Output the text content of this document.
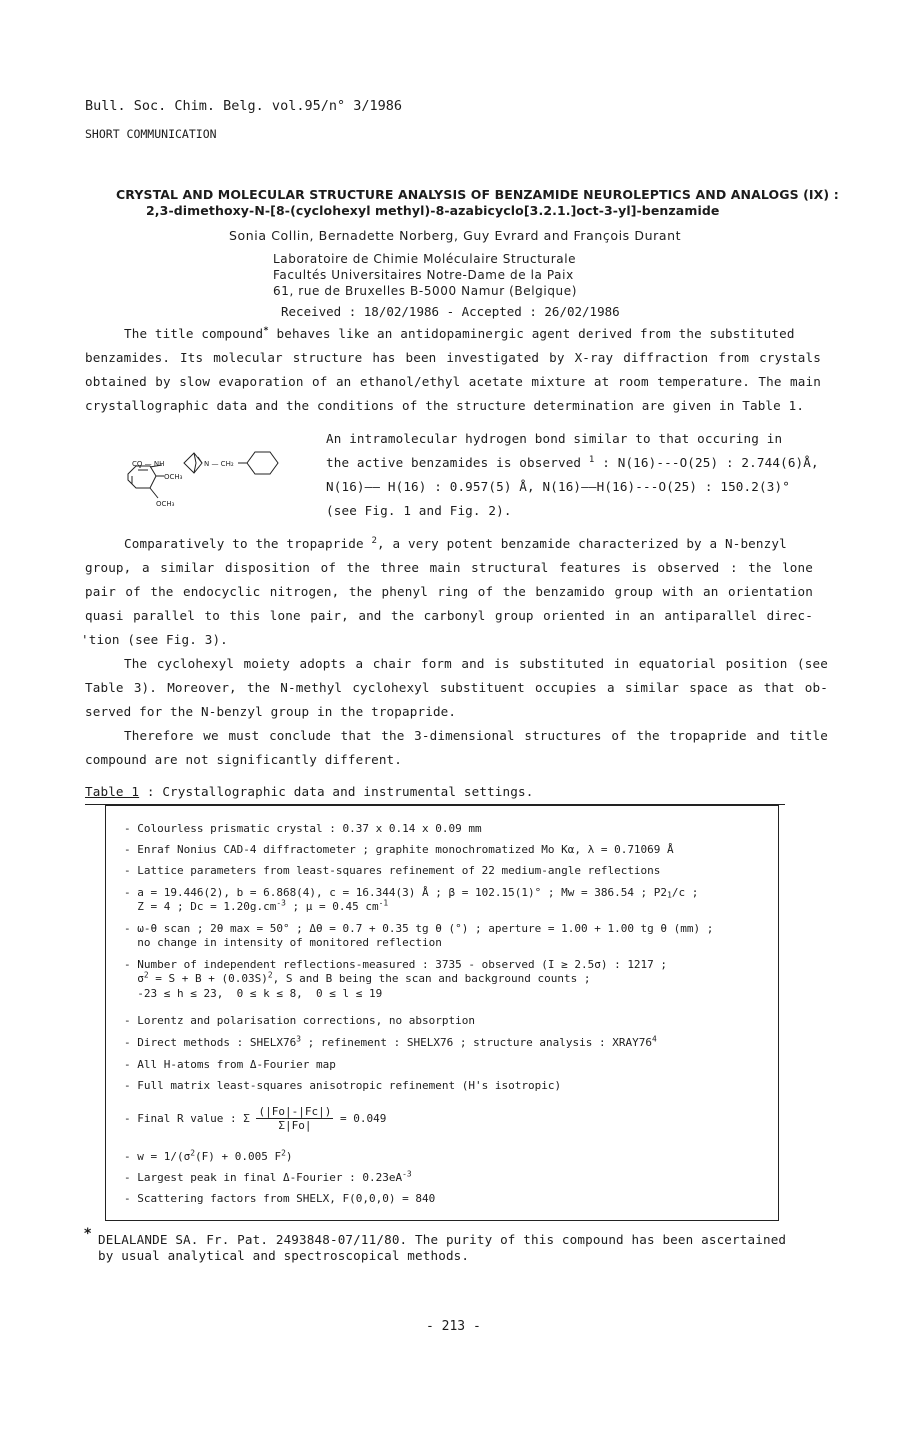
Bull. Soc. Chim. Belg. vol.95/n° 3/1986
SHORT COMMUNICATION
CRYSTAL AND MOLECULAR STRUCTURE ANALYSIS OF BENZAMIDE NEUROLEPTICS AND ANALOGS (IX) :
2,3-dimethoxy-N-[8-(cyclohexyl methyl)-8-azabicyclo[3.2.1.]oct-3-yl]-benzamide
Sonia Collin, Bernadette Norberg, Guy Evrard and François Durant
Laboratoire de Chimie Moléculaire Structurale
Facultés Universitaires Notre-Dame de la Paix
61, rue de Bruxelles B-5000 Namur (Belgique)
Received : 18/02/1986 - Accepted : 26/02/1986
The title compound* behaves like an antidopaminergic agent derived from the substituted
benzamides. Its molecular structure has been investigated by X-ray diffraction from crystals
obtained by slow evaporation of an ethanol/ethyl acetate mixture at room temperature. The main
crystallographic data and the conditions of the structure determination are given in Table 1.
CO — NH	N — CH₂
OCH₃
OCH₃
An intramolecular hydrogen bond similar to that occuring in
the active benzamides is observed $^1$ : N(16)---O(25) : 2.744(6)Å,
N(16)—— H(16) : 0.957(5) Å, N(16)——H(16)---O(25) : 150.2(3)°
(see Fig. 1 and Fig. 2).
Comparatively to the tropapride $^2$, a very potent benzamide characterized by a N-benzyl
group, a similar disposition of the three main structural features is observed : the lone
pair of the endocyclic nitrogen, the phenyl ring of the benzamido group with an orientation
quasi parallel to this lone pair, and the carbonyl group oriented in an antiparallel direc-
'tion (see Fig. 3).
The cyclohexyl moiety adopts a chair form and is substituted in equatorial position (see
Table 3). Moreover, the N-methyl cyclohexyl substituent occupies a similar space as that ob-
served for the N-benzyl group in the tropapride.
Therefore we must conclude that the 3-dimensional structures of the tropapride and title
compound are not significantly different.
Table 1 : Crystallographic data and instrumental settings.
- Colourless prismatic crystal : 0.37 x 0.14 x 0.09 mm
- Enraf Nonius CAD-4 diffractometer ; graphite monochromatized Mo Kα, λ = 0.71069 Å
- Lattice parameters from least-squares refinement of 22 medium-angle reflections
- a = 19.446(2), b = 6.868(4), c = 16.344(3) Å ; β = 102.15(1)° ; Mw = 386.54 ; $P2_1/c$ ;
Z = 4 ; $Dc = 1.20g.cm^{-3}$ ; μ = 0.45 $cm^{-1}$
- ω-θ scan ; 2θ max = 50° ; Δθ = 0.7 + 0.35 tg θ (°) ; aperture = 1.00 + 1.00 tg θ (mm) ;
no change in intensity of monitored reflection
- Number of independent reflections-measured : 3735 - observed (I ≥ 2.5σ) : 1217 ;
$\sigma^2 = S + B + (0.03S)^2$, S and B being the scan and background counts ;
-23 ≤ h ≤ 23,  0 ≤ k ≤ 8,  0 ≤ l ≤ 19
- Lorentz and polarisation corrections, no absorption
- Direct methods : $SHELX76^3$ ; refinement : SHELX76 ; structure analysis : $XRAY76^4$
- All H-atoms from Δ-Fourier map
- Full matrix least-squares anisotropic refinement (H's isotropic)
- Final R value : Σ $\frac{(|Fo|-|Fc|)}{\Sigma|Fo|} = 0.049$
- $w = 1/(\sigma^2(F) + 0.005$ $F^2$)
- Largest peak in final Δ-Fourier : $0.23eA^{-3}$
- Scattering factors from SHELX, F(0,0,0) = 840
* DELALANDE SA. Fr. Pat. 2493848-07/11/80. The purity of this compound has been ascertained
by usual analytical and spectroscopical methods.
- 213 -
